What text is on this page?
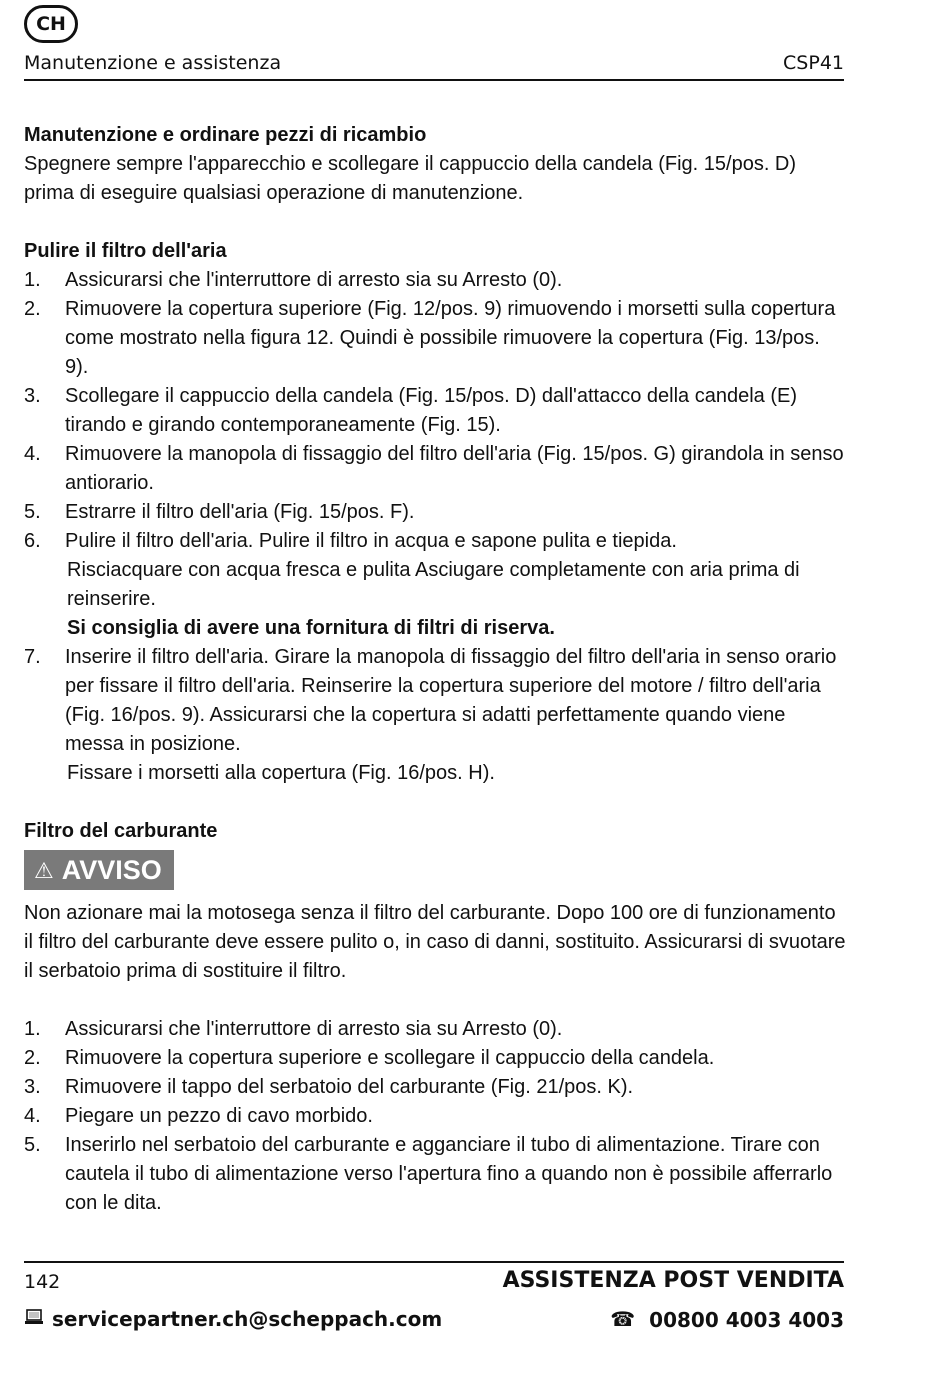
CH
Manutenzione e assistenza	CSP41

Manutenzione e ordinare pezzi di ricambio

Spegnere sempre l'apparecchio e scollegare il cappuccio della candela (Fig. 15/pos. D) prima di eseguire qualsiasi operazione di manutenzione.

Pulire il filtro dell'aria

1. Assicurarsi che l'interruttore di arresto sia su Arresto (0).
2. Rimuovere la copertura superiore (Fig. 12/pos. 9) rimuovendo i morsetti sulla copertura come mostrato nella figura 12. Quindi è possibile rimuovere la copertura (Fig. 13/pos. 9).
3. Scollegare il cappuccio della candela (Fig. 15/pos. D) dall'attacco della candela (E) tirando e girando contemporaneamente (Fig. 15).
4. Rimuovere la manopola di fissaggio del filtro dell'aria (Fig. 15/pos. G) girandola in senso antiorario.
5. Estrarre il filtro dell'aria (Fig. 15/pos. F).
6. Pulire il filtro dell'aria. Pulire il filtro in acqua e sapone pulita e tiepida.
Risciacquare con acqua fresca e pulita Asciugare completamente con aria prima di reinserire.
Si consiglia di avere una fornitura di filtri di riserva.
7. Inserire il filtro dell'aria. Girare la manopola di fissaggio del filtro dell'aria in senso orario per fissare il filtro dell'aria. Reinserire la copertura superiore del motore / filtro dell'aria (Fig. 16/pos. 9). Assicurarsi che la copertura si adatti perfettamente quando viene messa in posizione.
Fissare i morsetti alla copertura (Fig. 16/pos. H).

Filtro del carburante

⚠ AVVISO

Non azionare mai la motosega senza il filtro del carburante. Dopo 100 ore di funzionamento il filtro del carburante deve essere pulito o, in caso di danni, sostituito. Assicurarsi di svuotare il serbatoio prima di sostituire il filtro.

1. Assicurarsi che l'interruttore di arresto sia su Arresto (0).
2. Rimuovere la copertura superiore e scollegare il cappuccio della candela.
3. Rimuovere il tappo del serbatoio del carburante (Fig. 21/pos. K).
4. Piegare un pezzo di cavo morbido.
5. Inserirlo nel serbatoio del carburante e agganciare il tubo di alimentazione. Tirare con cautela il tubo di alimentazione verso l'apertura fino a quando non è possibile afferrarlo con le dita.
142	ASSISTENZA POST VENDITA
servicepartner.ch@scheppach.com	☎ 00800 4003 4003
